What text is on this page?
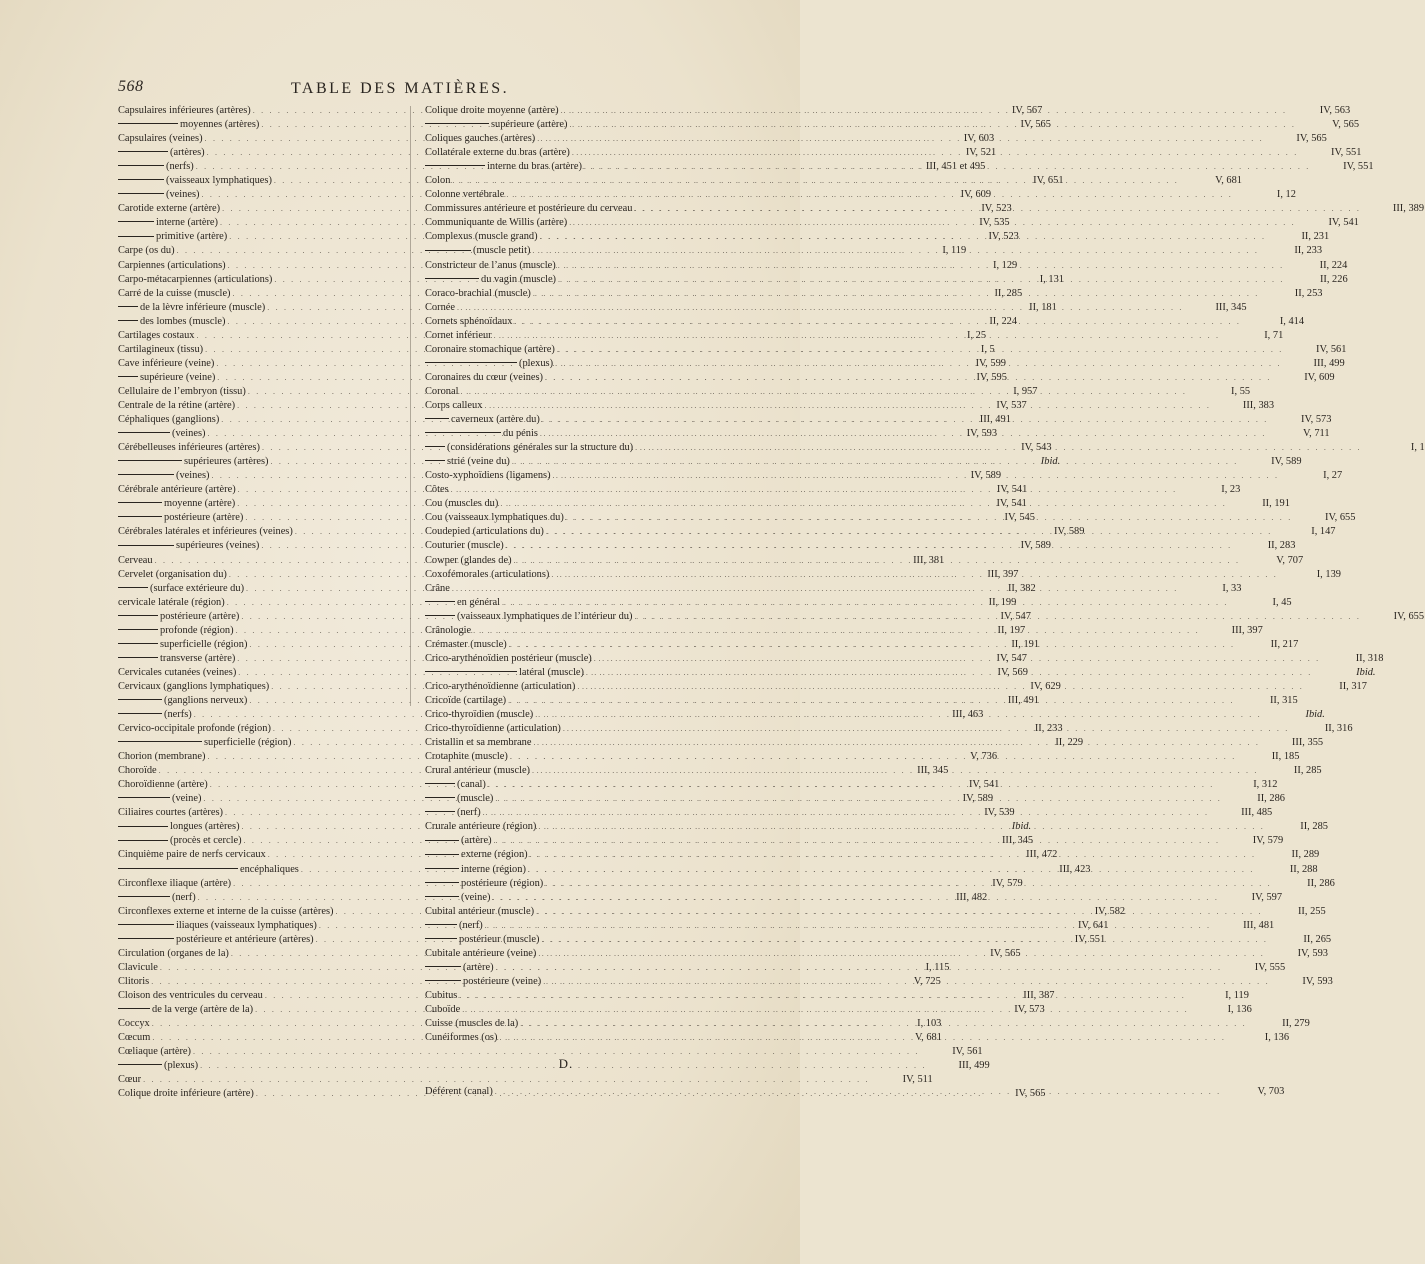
568	TABLE DES MATIÈRES.
Capsulaires inférieures (artères) . . .	IV, 567
moyennes (artères) . . .	IV, 565
Capsulaires (veines) . . .	IV, 603
(artères) . . .	IV, 521
(nerfs) . . .	III, 451 et 495
(vaisseaux lymphatiques) . . .	IV, 651
(veines) . . .	IV, 609
Carotide externe (artère) . . .	IV, 523
interne (artère) . . .	IV, 535
primitive (artère) . . .	IV, 523
Carpe (os du) . . .	I, 119
Carpiennes (articulations) . . .	I, 129
Carpo-métacarpiennes (articulations) . . .	I, 131
Carré de la cuisse (muscle) . . .	II, 285
de la lèvre inférieure (muscle) . . .	II, 181
des lombes (muscle) . . .	II, 224
Cartilages costaux . . .	I, 25
Cartilagineux (tissu) . . .	I, 5
Cave inférieure (veine) . . .	IV, 599
supérieure (veine) . . .	IV, 595
Cellulaire de l’embryon (tissu) . . .	I, 957
Centrale de la rétine (artère) . . .	IV, 537
Céphaliques (ganglions) . . .	III, 491
(veines) . . .	IV, 593
Cérébelleuses inférieures (artères) . . .	IV, 543
supérieures (artères) . . .	Ibid.
(veines) . . .	IV, 589
Cérébrale antérieure (artère) . . .	IV, 541
moyenne (artère) . . .	IV, 541
postérieure (artère) . . .	IV, 545
Cérébrales latérales et inférieures (veines) . . .	IV, 589
supérieures (veines) . . .	IV, 589
Cerveau . . .	III, 381
Cervelet (organisation du) . . .	III, 397
(surface extérieure du) . . .	II, 382
cervicale latérale (région) . . .	II, 199
postérieure (artère) . . .	IV, 547
profonde (région) . . .	II, 197
superficielle (région) . . .	II, 191
transverse (artère) . . .	IV, 547
Cervicales cutanées (veines) . . .	IV, 569
Cervicaux (ganglions lymphatiques) . . .	IV, 629
(ganglions nerveux) . . .	III, 491
(nerfs) . . .	III, 463
Cervico-occipitale profonde (région) . . .	II, 233
superficielle (région) . . .	II, 229
Chorion (membrane) . . .	V, 736
Choroïde . . .	III, 345
Choroïdienne (artère) . . .	IV, 541
(veine) . . .	IV, 589
Ciliaires courtes (artères) . . .	IV, 539
longues (artères) . . .	Ibid.
(procès et cercle) . . .	III, 345
Cinquième paire de nerfs cervicaux . . .	III, 472
encéphaliques . . .	III, 423
Circonflexe iliaque (artère) . . .	IV, 579
(nerf) . . .	III, 482
Circonflexes externe et interne de la cuisse (artères) . . .	IV, 582
iliaques (vaisseaux lymphatiques) . . .	IV, 641
postérieure et antérieure (artères) . . .	IV, 551
Circulation (organes de la) . . .	IV, 565
Clavicule . . .	I, 115
Clitoris . . .	V, 725
Cloison des ventricules du cerveau . . .	III, 387
de la verge (artère de la) . . .	IV, 573
Coccyx . . .	I, 103
Cœcum . . .	V, 681
Cœliaque (artère) . . .	IV, 561
(plexus) . . .	III, 499
Cœur . . .	IV, 511
Colique droite inférieure (artère) . . .	IV, 565
Colique droite moyenne (artère) . . .	IV, 563
supérieure (artère) . . .	V, 565
Coliques gauches (artères) . . .	IV, 565
Collatérale externe du bras (artère) . . .	IV, 551
interne du bras (artère) . . .	IV, 551
Colon . . .	V, 681
Colonne vertébrale . . .	I, 12
Commissures antérieure et postérieure du cerveau . . .	III, 389
Communiquante de Willis (artère) . . .	IV, 541
Complexus (muscle grand) . . .	II, 231
(muscle petit) . . .	II, 233
Constricteur de l’anus (muscle) . . .	II, 224
du vagin (muscle) . . .	II, 226
Coraco-brachial (muscle) . . .	II, 253
Cornée . . .	III, 345
Cornets sphénoïdaux . . .	I, 414
Cornet inférieur . . .	I, 71
Coronaire stomachique (artère) . . .	IV, 561
(plexus) . . .	III, 499
Coronaires du cœur (veines) . . .	IV, 609
Coronal . . .	I, 55
Corps calleux . . .	III, 383
caverneux (artère du) . . .	IV, 573
du pénis . . .	V, 711
(considérations générales sur la structure du) . . .	I, 1
strié (veine du) . . .	IV, 589
Costo-xyphoïdiens (ligamens) . . .	I, 27
Côtes . . .	I, 23
Cou (muscles du) . . .	II, 191
Cou (vaisseaux lymphatiques du) . . .	IV, 655
Coudepied (articulations du) . . .	I, 147
Couturier (muscle) . . .	II, 283
Cowper (glandes de) . . .	V, 707
Coxofémorales (articulations) . . .	I, 139
Crâne . . .	I, 33
en général . . .	I, 45
(vaisseaux lymphatiques de l’intérieur du) . . .	IV, 655
Crânologie . . .	III, 397
Crémaster (muscle) . . .	II, 217
Crico-arythénoïdien postérieur (muscle) . . .	II, 318
latéral (muscle) . . .	Ibid.
Crico-arythénoïdienne (articulation) . . .	II, 317
Cricoïde (cartilage) . . .	II, 315
Crico-thyroïdien (muscle) . . .	Ibid.
Crico-thyroïdienne (articulation) . . .	II, 316
Cristallin et sa membrane . . .	III, 355
Crotaphite (muscle) . . .	II, 185
Crural antérieur (muscle) . . .	II, 285
(canal) . . .	I, 312
(muscle) . . .	II, 286
(nerf) . . .	III, 485
Crurale antérieure (région) . . .	II, 285
(artère) . . .	IV, 579
externe (région) . . .	II, 289
interne (région) . . .	II, 288
postérieure (région) . . .	II, 286
(veine) . . .	IV, 597
Cubital antérieur (muscle) . . .	II, 255
(nerf) . . .	III, 481
postérieur (muscle) . . .	II, 265
Cubitale antérieure (veine) . . .	IV, 593
(artère) . . .	IV, 555
postérieure (veine) . . .	IV, 593
Cubitus . . .	I, 119
Cuboïde . . .	I, 136
Cuisse (muscles de la) . . .	II, 279
Cunéiformes (os) . . .	I, 136
D.
Déférent (canal) . . .	V, 703
